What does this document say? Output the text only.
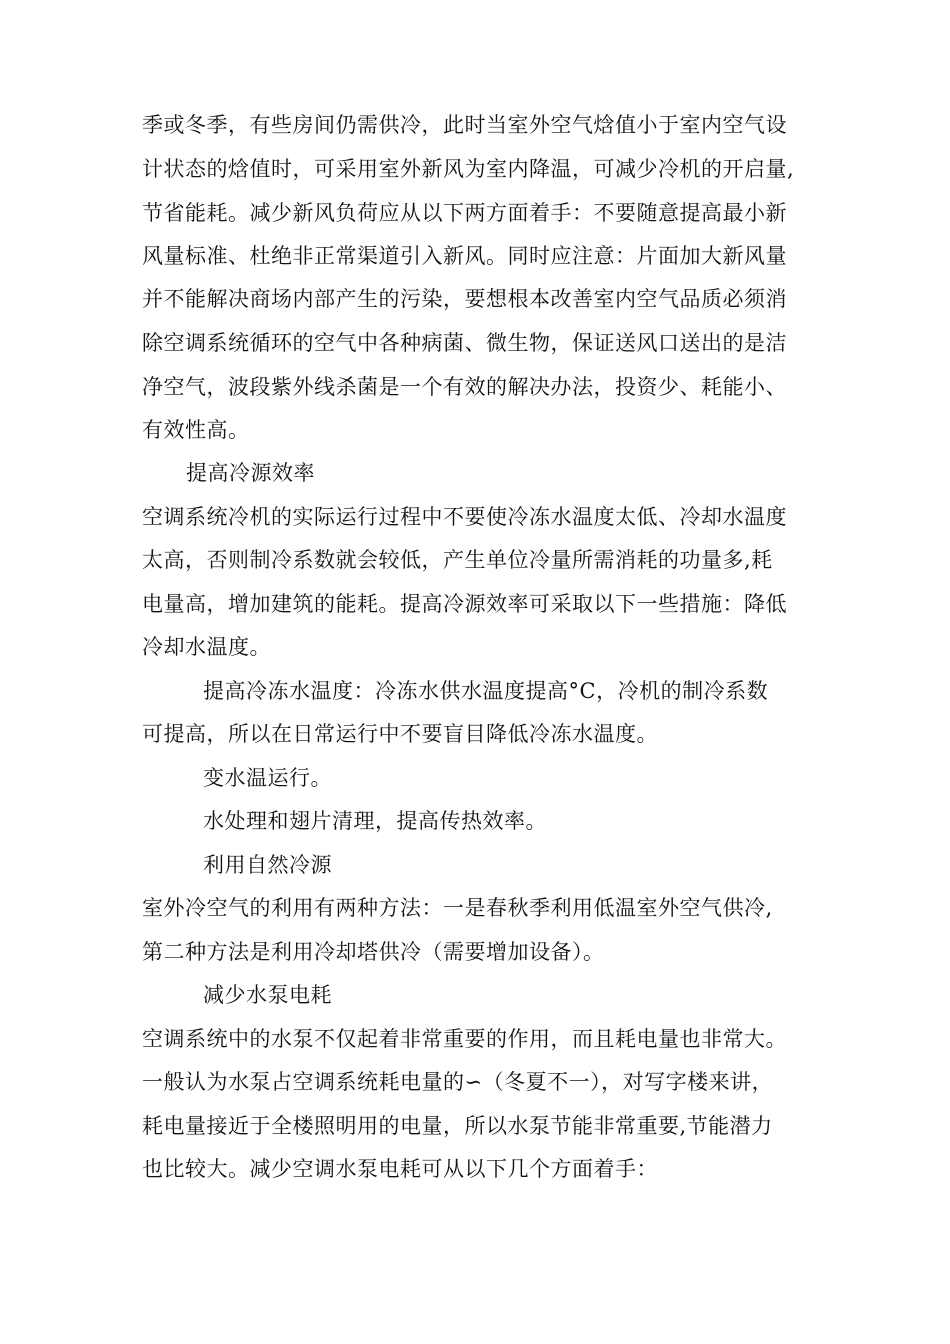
季或冬季，有些房间仍需供冷，此时当室外空气焓值小于室内空气设
计状态的焓值时，可采用室外新风为室内降温，可减少冷机的开启量,
节省能耗。减少新风负荷应从以下两方面着手：不要随意提高最小新
风量标准、杜绝非正常渠道引入新风。同时应注意：片面加大新风量
并不能解决商场内部产生的污染，要想根本改善室内空气品质必须消
除空调系统循环的空气中各种病菌、微生物，保证送风口送出的是洁
净空气，波段紫外线杀菌是一个有效的解决办法，投资少、耗能小、
有效性高。
提高冷源效率
空调系统冷机的实际运行过程中不要使冷冻水温度太低、冷却水温度
太高，否则制冷系数就会较低，产生单位冷量所需消耗的功量多,耗
电量高，增加建筑的能耗。提高冷源效率可采取以下一些措施：降低
冷却水温度。
提高冷冻水温度：冷冻水供水温度提高°C，冷机的制冷系数
可提高，所以在日常运行中不要盲目降低冷冻水温度。
变水温运行。
水处理和翅片清理，提高传热效率。
利用自然冷源
室外冷空气的利用有两种方法：一是春秋季利用低温室外空气供冷,
第二种方法是利用冷却塔供冷（需要增加设备）。
减少水泵电耗
空调系统中的水泵不仅起着非常重要的作用，而且耗电量也非常大。
一般认为水泵占空调系统耗电量的∽（冬夏不一），对写字楼来讲，
耗电量接近于全楼照明用的电量，所以水泵节能非常重要,节能潜力
也比较大。减少空调水泵电耗可从以下几个方面着手：
